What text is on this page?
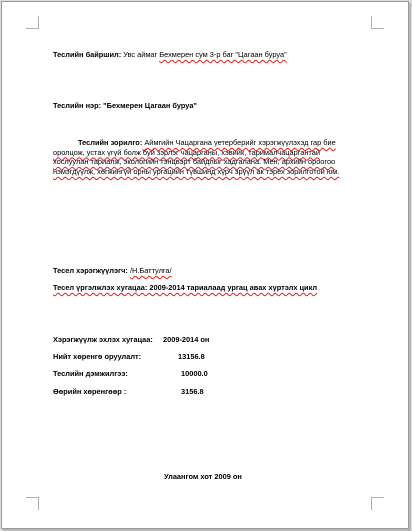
Теслийн байршил: Увс аймаг Бехмерен сум 3-р баг "Цагаан буруа"
Теслийн нэр: "Бехмерен Цагаан буруа"
Теслийн зорилго: Аймгийн Чацаргана үетерберийг хэрэгжүүлэхэд гар бие оролцож, устах үгүй болж буй зэрлэг чацарганы, хэвийк, тарималчацаргантай хослуулан тариалж, экологийн тэнцвэрт байдлыг хадгалана. Мен, архийн ороогоо нэмэгдүүлж, хөгжингүй орны ургацийн түвшинд хүрч эрүүл ак тэрех зорилготой юм.
Тесел хэрэгжүүлэгч: /Н.Баттулга/
Тесел үргэлжлэх хугацаа: 2009-2014 тариалаад ургац авах хүртэлх цикл
Хэрэгжүүлж эхлэх хугацаа: 2009-2014 он
Нийт хөренгө оруулалт:	13156.8
Теслийн дэмжилгээ:	10000.0
Өөрийн хөренгөөр :	3156.8
Улаангом хот 2009 он
